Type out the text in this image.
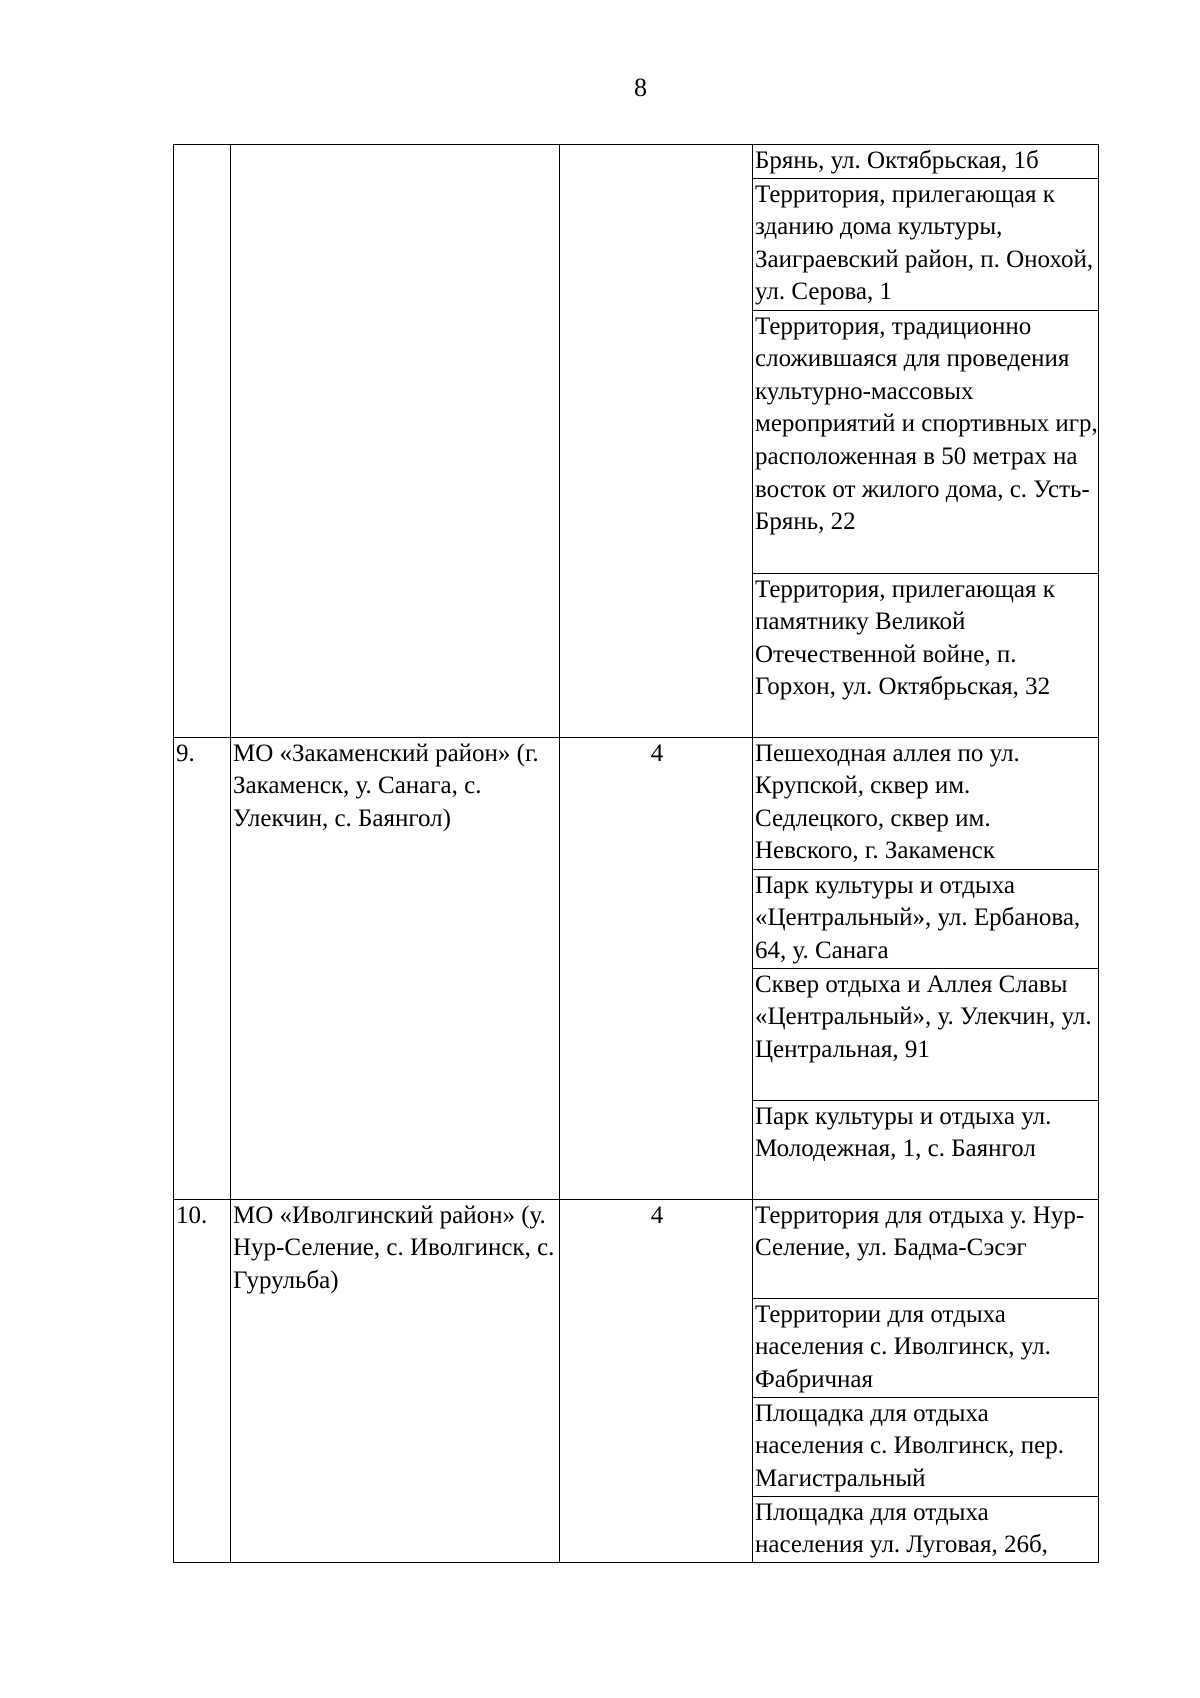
8
			Брянь, ул. Октябрьская, 1б
			Территория, прилегающая к зданию дома культуры, Заиграевский район, п. Онохой, ул. Серова, 1
			Территория, традиционно сложившаяся для проведения культурно-массовых мероприятий и спортивных игр, расположенная в 50 метрах на восток от жилого дома, с. Усть-Брянь, 22
			Территория, прилегающая к памятнику Великой Отечественной войне, п. Горхон, ул. Октябрьская, 32
9.	МО «Закаменский район» (г. Закаменск, у. Санага, с. Улекчин, с. Баянгол)	4	Пешеходная аллея по ул. Крупской, сквер им. Седлецкого, сквер им. Невского, г. Закаменск
			Парк культуры и отдыха «Центральный», ул. Ербанова, 64, у. Санага
			Сквер отдыха и Аллея Славы «Центральный», у. Улекчин, ул. Центральная, 91
			Парк культуры и отдыха ул. Молодежная, 1, с. Баянгол
10.	МО «Иволгинский район» (у. Нур-Селение, с. Иволгинск, с. Гурульба)	4	Территория для отдыха у. Нур-Селение, ул. Бадма-Сэсэг
			Территории для отдыха населения с. Иволгинск, ул. Фабричная
			Площадка для отдыха населения с. Иволгинск, пер. Магистральный
			Площадка для отдыха населения ул. Луговая, 26б,
